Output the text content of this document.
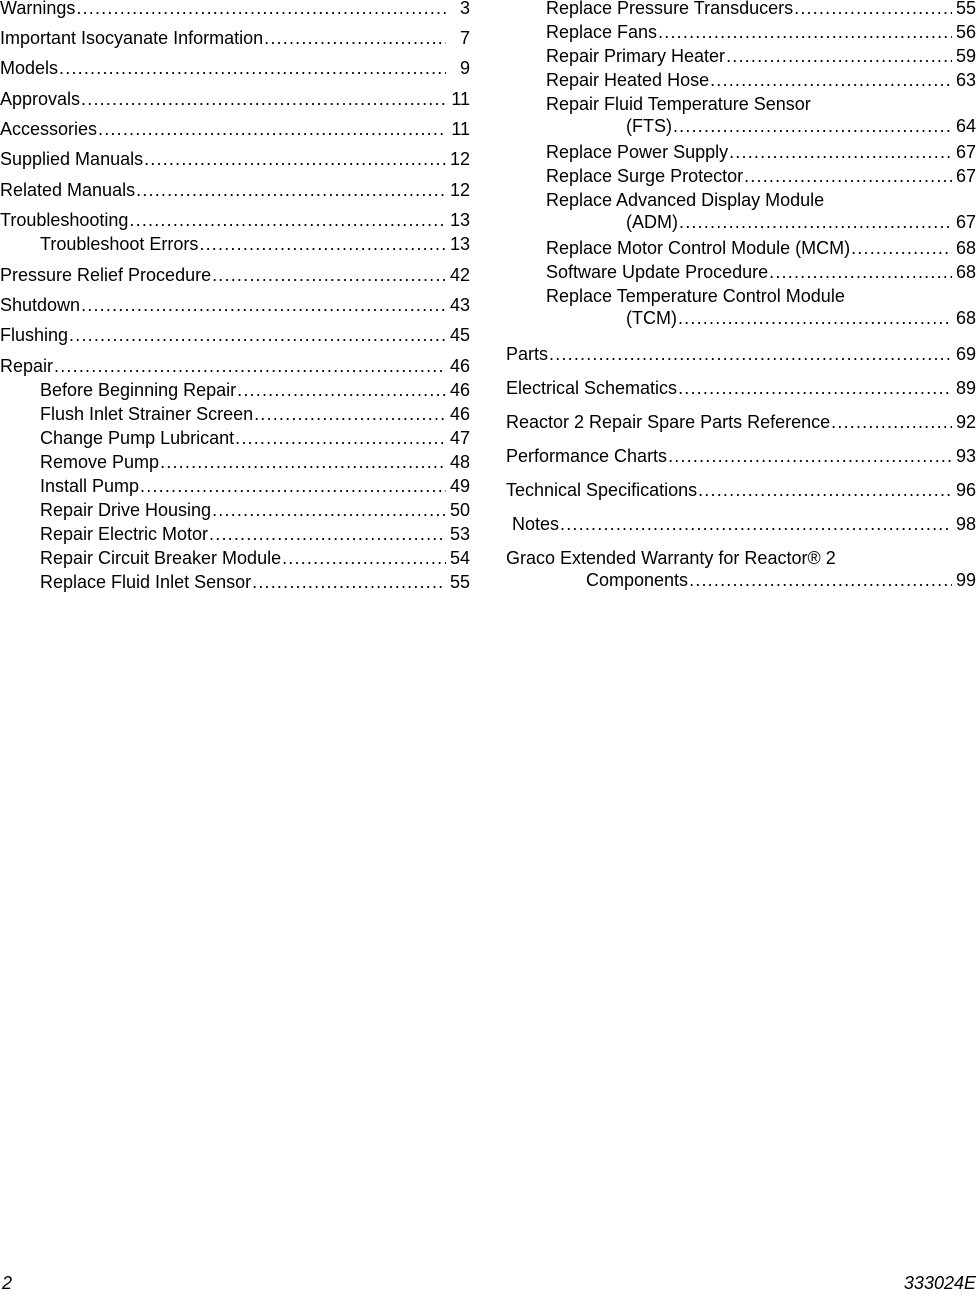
Warnings .....	3
Important Isocyanate Information .....	7
Models .....	9
Approvals .....	11
Accessories .....	11
Supplied Manuals .....	12
Related Manuals .....	12
Troubleshooting .....	13
Troubleshoot Errors .....	13
Pressure Relief Procedure .....	42
Shutdown .....	43
Flushing .....	45
Repair .....	46
Before Beginning Repair .....	46
Flush Inlet Strainer Screen .....	46
Change Pump Lubricant .....	47
Remove Pump .....	48
Install Pump .....	49
Repair Drive Housing .....	50
Repair Electric Motor .....	53
Repair Circuit Breaker Module .....	54
Replace Fluid Inlet Sensor .....	55
Replace Pressure Transducers .....	55
Replace Fans .....	56
Repair Primary Heater .....	59
Repair Heated Hose .....	63
Repair Fluid Temperature Sensor
(FTS) .....	64
Replace Power Supply .....	67
Replace Surge Protector .....	67
Replace Advanced Display Module
(ADM) .....	67
Replace Motor Control Module (MCM) .....	68
Software Update Procedure .....	68
Replace Temperature Control Module
(TCM) .....	68
Parts .....	69
Electrical Schematics .....	89
Reactor 2 Repair Spare Parts Reference .....	92
Performance Charts .....	93
Technical Specifications .....	96
Notes .....	98
Graco Extended Warranty for Reactor® 2
Components .....	99
2	333024E
